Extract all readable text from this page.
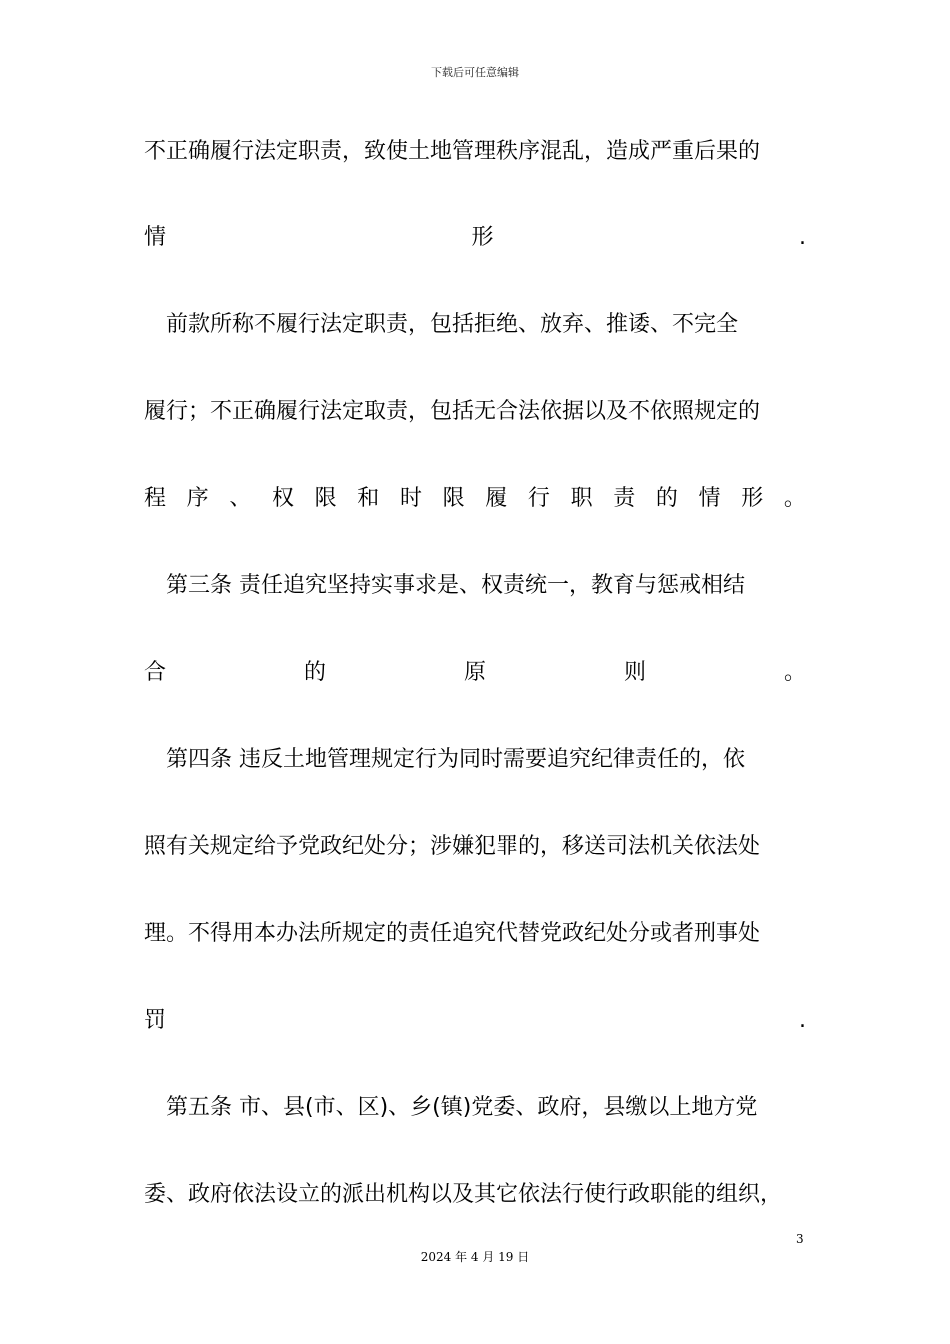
下载后可任意编辑
不正确履行法定职责，致使土地管理秩序混乱，造成严重后果的
情	形	.
　前款所称不履行法定职责，包括拒绝、放弃、推诿、不完全
履行；不正确履行法定取责，包括无合法依据以及不依照规定的
程 序 、 权 限 和 时 限 履 行 职 责 的 情 形 。
　第三条 责任追究坚持实事求是、权责统一，教育与惩戒相结
合	的	原	则	。
　第四条 违反土地管理规定行为同时需要追究纪律责任的，依
照有关规定给予党政纪处分；涉嫌犯罪的，移送司法机关依法处
理。不得用本办法所规定的责任追究代替党政纪处分或者刑事处
罚	.
　第五条 市、县(市、区)、乡(镇)党委、政府，县缴以上地方党
委、政府依法设立的派出机构以及其它依法行使行政职能的组织，
3
2024 年 4 月 19 日
